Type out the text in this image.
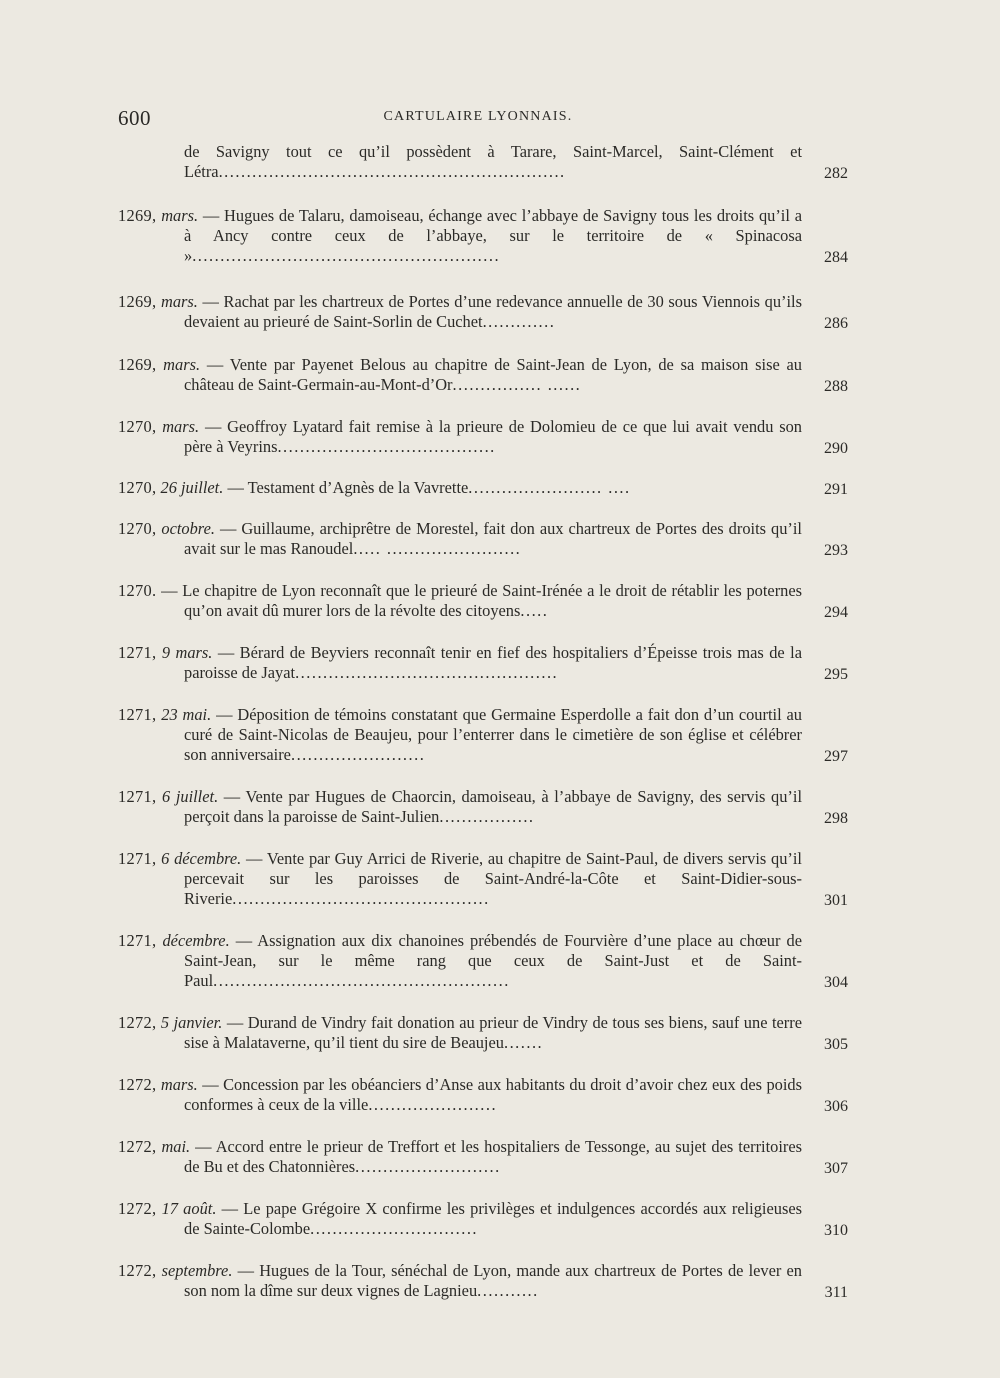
600	CARTULAIRE LYONNAIS.
de Savigny tout ce qu’il possèdent à Tarare, Saint-Marcel, Saint-Clément et Létra..............................................................	282
1269, mars. — Hugues de Talaru, damoiseau, échange avec l’abbaye de Savigny tous les droits qu’il a à Ancy contre ceux de l’abbaye, sur le territoire de « Spinacosa ».......................................................	284
1269, mars. — Rachat par les chartreux de Portes d’une redevance annuelle de 30 sous Viennois qu’ils devaient au prieuré de Saint-Sorlin de Cuchet.............	286
1269, mars. — Vente par Payenet Belous au chapitre de Saint-Jean de Lyon, de sa maison sise au château de Saint-Germain-au-Mont-d’Or................ ......	288
1270, mars. — Geoffroy Lyatard fait remise à la prieure de Dolomieu de ce que lui avait vendu son père à Veyrins.......................................	290
1270, 26 juillet. — Testament d’Agnès de la Vavrette........................ ....	291
1270, octobre. — Guillaume, archiprêtre de Morestel, fait don aux chartreux de Portes des droits qu’il avait sur le mas Ranoudel..... ........................	293
1270. — Le chapitre de Lyon reconnaît que le prieuré de Saint-Irénée a le droit de rétablir les poternes qu’on avait dû murer lors de la révolte des citoyens.....	294
1271, 9 mars. — Bérard de Beyviers reconnaît tenir en fief des hospitaliers d’Épeisse trois mas de la paroisse de Jayat...............................................	295
1271, 23 mai. — Déposition de témoins constatant que Germaine Esperdolle a fait don d’un courtil au curé de Saint-Nicolas de Beaujeu, pour l’enterrer dans le cimetière de son église et célébrer son anniversaire........................	297
1271, 6 juillet. — Vente par Hugues de Chaorcin, damoiseau, à l’abbaye de Savigny, des servis qu’il perçoit dans la paroisse de Saint-Julien.................	298
1271, 6 décembre. — Vente par Guy Arrici de Riverie, au chapitre de Saint-Paul, de divers servis qu’il percevait sur les paroisses de Saint-André-la-Côte et Saint-Didier-sous-Riverie..............................................	301
1271, décembre. — Assignation aux dix chanoines prébendés de Fourvière d’une place au chœur de Saint-Jean, sur le même rang que ceux de Saint-Just et de Saint-Paul.....................................................	304
1272, 5 janvier. — Durand de Vindry fait donation au prieur de Vindry de tous ses biens, sauf une terre sise à Malataverne, qu’il tient du sire de Beaujeu.......	305
1272, mars. — Concession par les obéanciers d’Anse aux habitants du droit d’avoir chez eux des poids conformes à ceux de la ville.......................	306
1272, mai. — Accord entre le prieur de Treffort et les hospitaliers de Tessonge, au sujet des territoires de Bu et des Chatonnières..........................	307
1272, 17 août. — Le pape Grégoire X confirme les privilèges et indulgences accordés aux religieuses de Sainte-Colombe..............................	310
1272, septembre. — Hugues de la Tour, sénéchal de Lyon, mande aux chartreux de Portes de lever en son nom la dîme sur deux vignes de Lagnieu...........	311
